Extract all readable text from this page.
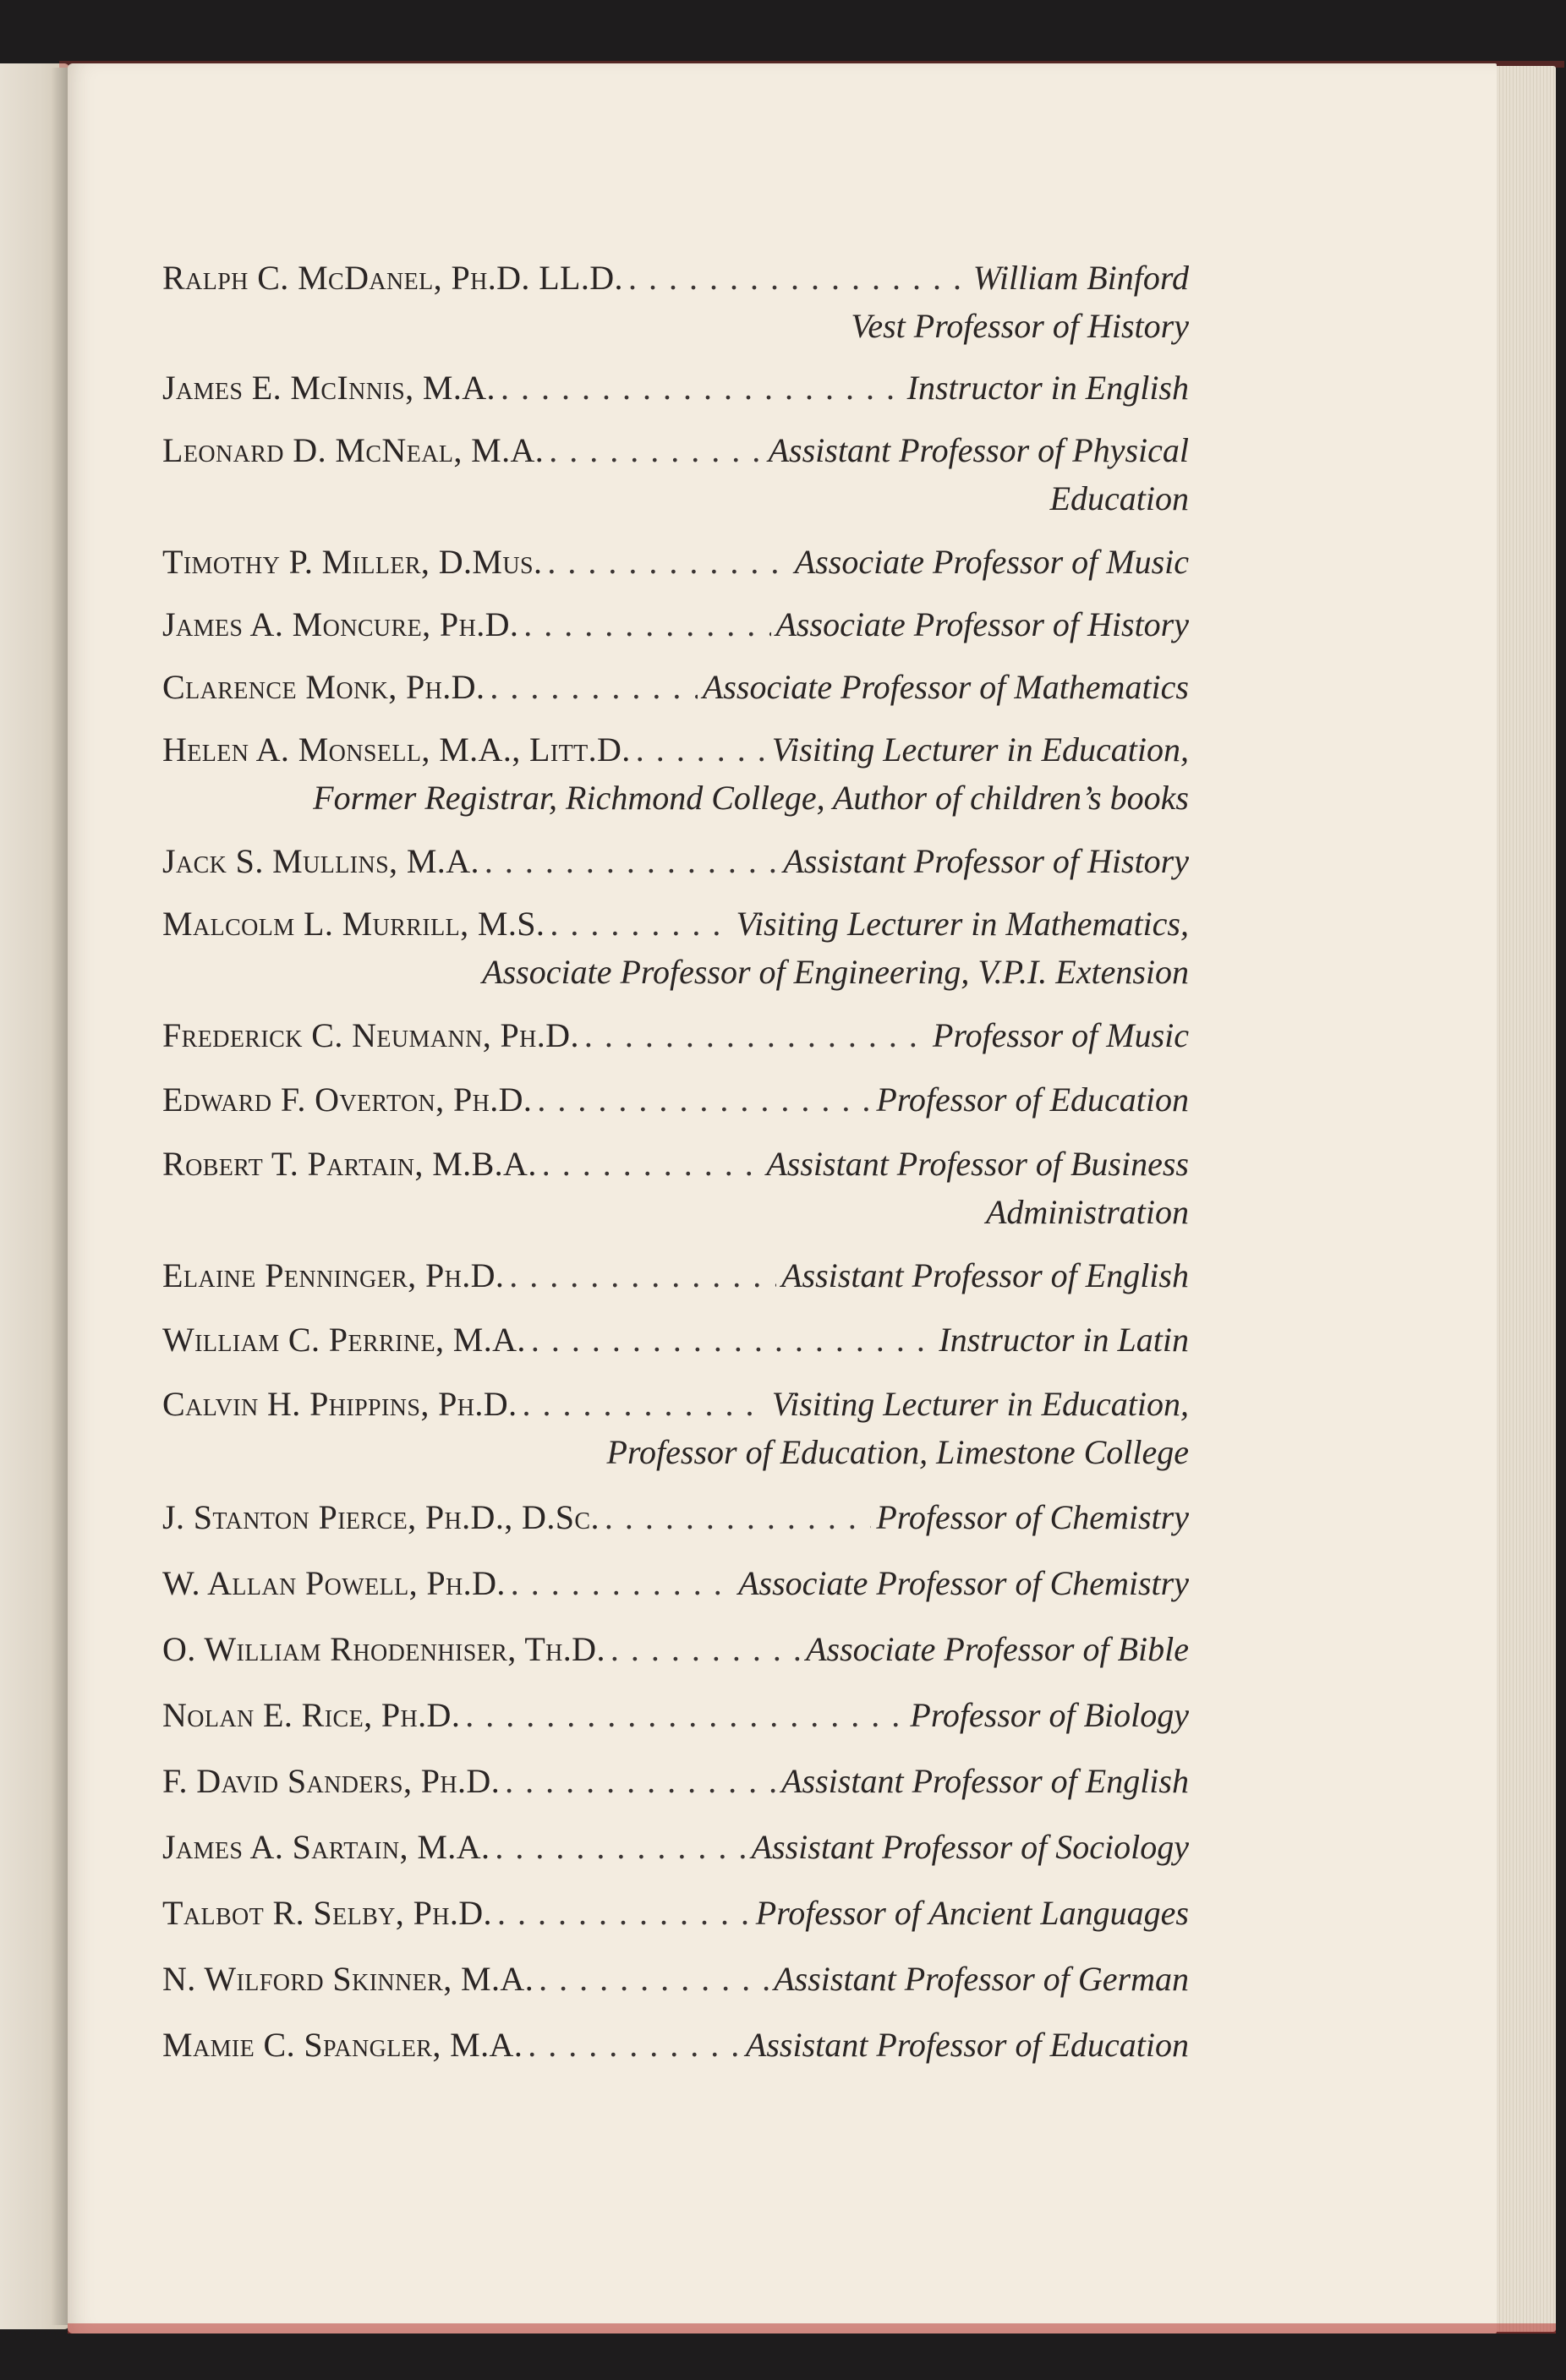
Ralph C. McDanel, Ph.D. LL.D. . . .	William Binford
Vest Professor of History
James E. McInnis, M.A. . . .	Instructor in English
Leonard D. McNeal, M.A. . . .	Assistant Professor of Physical
Education
Timothy P. Miller, D.Mus. . . .	Associate Professor of Music
James A. Moncure, Ph.D. . . .	Associate Professor of History
Clarence Monk, Ph.D. . . .	Associate Professor of Mathematics
Helen A. Monsell, M.A., Litt.D. . . .	Visiting Lecturer in Education,
Former Registrar, Richmond College, Author of children’s books
Jack S. Mullins, M.A. . . .	Assistant Professor of History
Malcolm L. Murrill, M.S. . . .	Visiting Lecturer in Mathematics,
Associate Professor of Engineering, V.P.I. Extension
Frederick C. Neumann, Ph.D. . . .	Professor of Music
Edward F. Overton, Ph.D. . . .	Professor of Education
Robert T. Partain, M.B.A. . . .	Assistant Professor of Business
Administration
Elaine Penninger, Ph.D. . . .	Assistant Professor of English
William C. Perrine, M.A. . . .	Instructor in Latin
Calvin H. Phippins, Ph.D. . . .	Visiting Lecturer in Education,
Professor of Education, Limestone College
J. Stanton Pierce, Ph.D., D.Sc. . . .	Professor of Chemistry
W. Allan Powell, Ph.D. . . .	Associate Professor of Chemistry
O. William Rhodenhiser, Th.D. . . .	Associate Professor of Bible
Nolan E. Rice, Ph.D. . . .	Professor of Biology
F. David Sanders, Ph.D. . . .	Assistant Professor of English
James A. Sartain, M.A. . . .	Assistant Professor of Sociology
Talbot R. Selby, Ph.D. . . .	Professor of Ancient Languages
N. Wilford Skinner, M.A. . . .	Assistant Professor of German
Mamie C. Spangler, M.A. . . .	Assistant Professor of Education
